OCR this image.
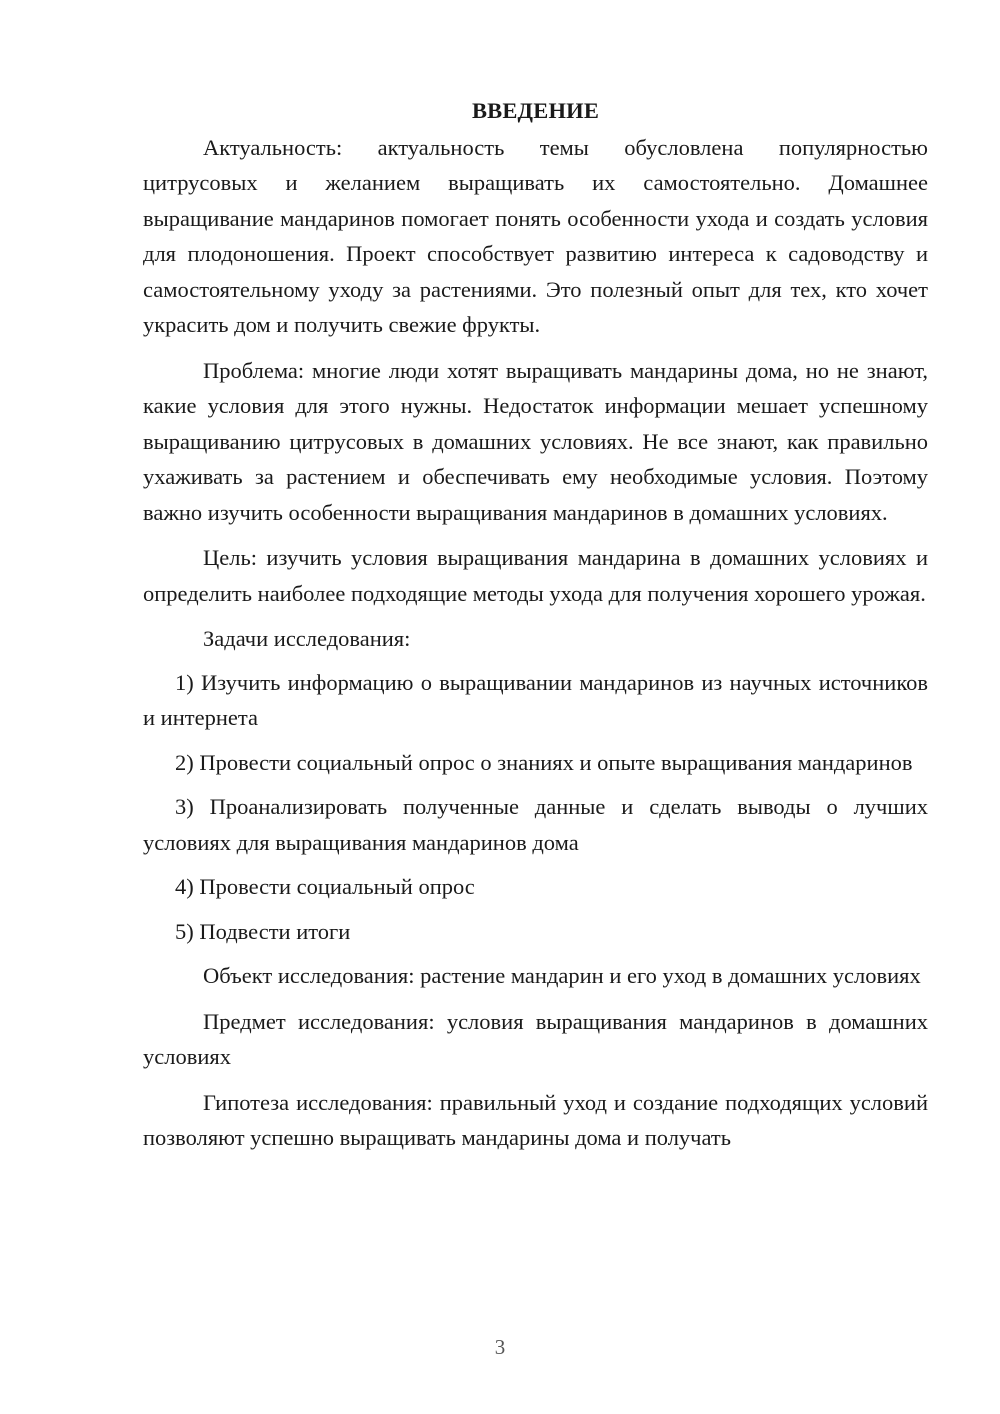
ВВЕДЕНИЕ

Актуальность: актуальность темы обусловлена популярностью цитрусовых и желанием выращивать их самостоятельно. Домашнее выращивание мандаринов помогает понять особенности ухода и создать условия для плодоношения. Проект способствует развитию интереса к садоводству и самостоятельному уходу за растениями. Это полезный опыт для тех, кто хочет украсить дом и получить свежие фрукты.

Проблема: многие люди хотят выращивать мандарины дома, но не знают, какие условия для этого нужны. Недостаток информации мешает успешному выращиванию цитрусовых в домашних условиях. Не все знают, как правильно ухаживать за растением и обеспечивать ему необходимые условия. Поэтому важно изучить особенности выращивания мандаринов в домашних условиях.

Цель: изучить условия выращивания мандарина в домашних условиях и определить наиболее подходящие методы ухода для получения хорошего урожая.

Задачи исследования:

1) Изучить информацию о выращивании мандаринов из научных источников и интернета

2) Провести социальный опрос о знаниях и опыте выращивания мандаринов

3) Проанализировать полученные данные и сделать выводы о лучших условиях для выращивания мандаринов дома

4) Провести социальный опрос

5) Подвести итоги

Объект исследования: растение мандарин и его уход в домашних условиях

Предмет исследования: условия выращивания мандаринов в домашних условиях

Гипотеза исследования: правильный уход и создание подходящих условий позволяют успешно выращивать мандарины дома и получать

3
